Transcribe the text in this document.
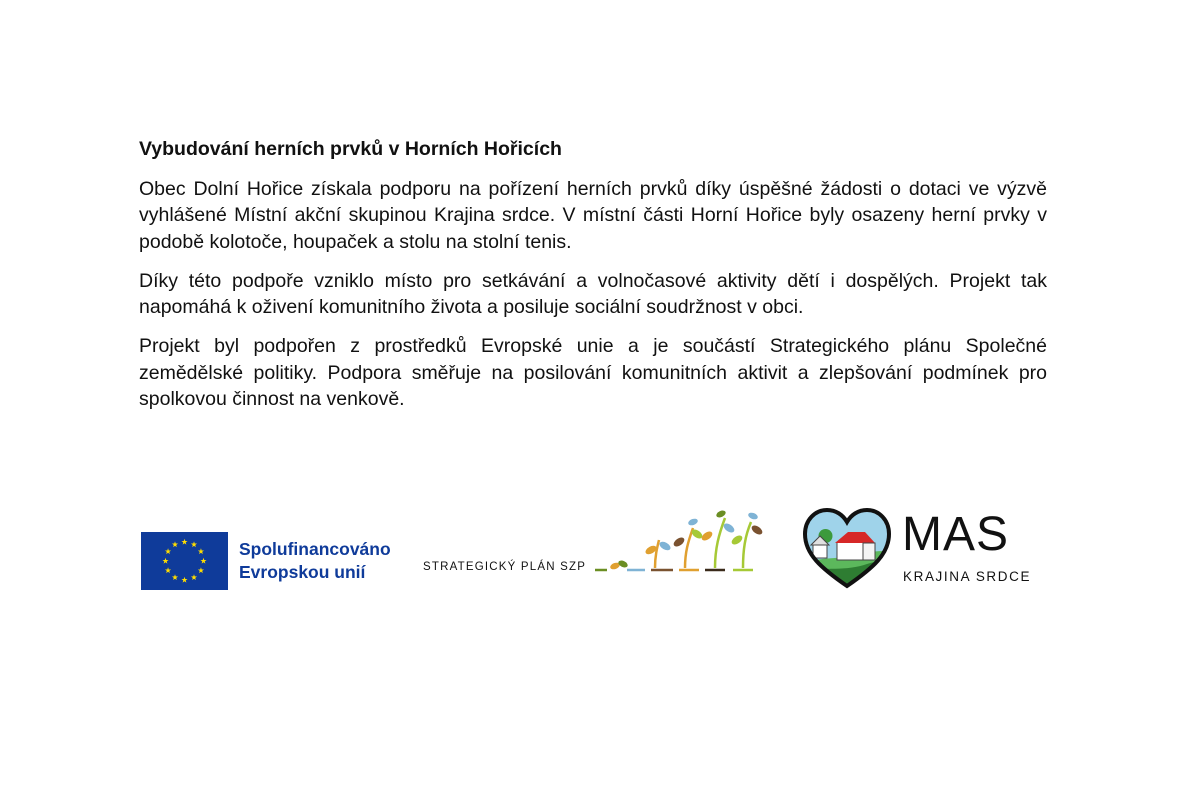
Vybudování herních prvků v Horních Hořicích

Obec Dolní Hořice získala podporu na pořízení herních prvků díky úspěšné žádosti o dotaci ve výzvě vyhlášené Místní akční skupinou Krajina srdce. V místní části Horní Hořice byly osazeny herní prvky v podobě kolotoče, houpaček a stolu na stolní tenis.

Díky této podpoře vzniklo místo pro setkávání a volnočasové aktivity dětí i dospělých. Projekt tak napomáhá k oživení komunitního života a posiluje sociální soudržnost v obci.

Projekt byl podpořen z prostředků Evropské unie a je součástí Strategického plánu Společné zemědělské politiky. Podpora směřuje na posilování komunitních aktivit a zlepšování podmínek pro spolkovou činnost na venkově.

Spolufinancováno
Evropskou unií	STRATEGICKÝ PLÁN SZP
MAS
KRAJINA SRDCE
